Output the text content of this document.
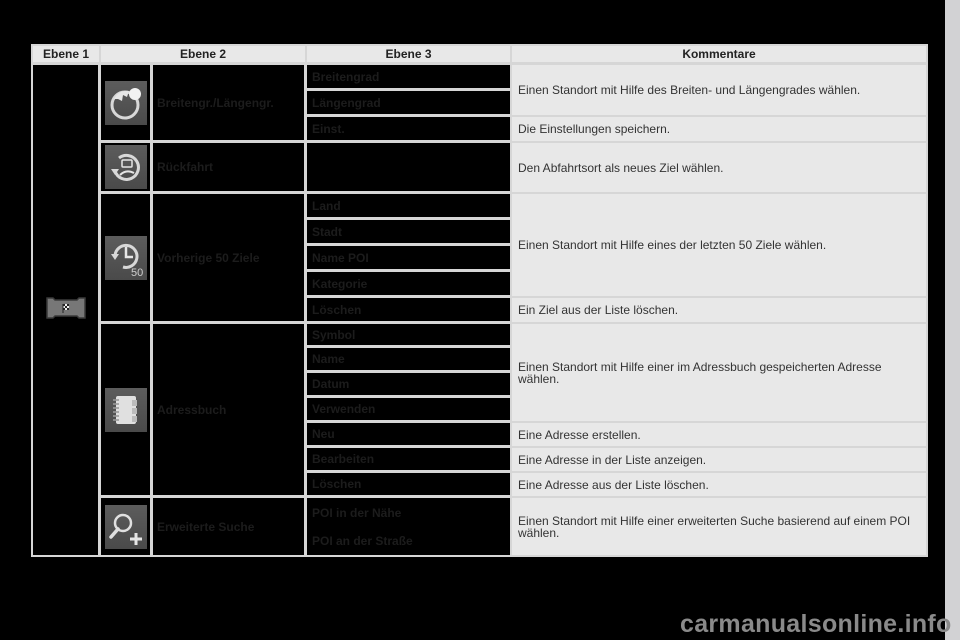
Ebene 1	Ebene 2		Ebene 3	Kommentare

	Breitengr./Längengr.	Breitengrad	Einen Standort mit Hilfe des Breiten- und Längengrades wählen.
			Längengrad	
			Einst.	Die Einstellungen speichern.

	Rückfahrt		Den Abfahrtsort als neues Ziel wählen.

50	Vorherige 50 Ziele	Land	Einen Standort mit Hilfe eines der letzten 50 Ziele wählen.
			Stadt	
			Name POI	
			Kategorie	
			Löschen	Ein Ziel aus der Liste löschen.

	Adressbuch	Symbol	Einen Standort mit Hilfe einer im Adressbuch gespeicherten Adresse wählen.
			Name	
			Datum	
			Verwenden	
			Neu	Eine Adresse erstellen.
			Bearbeiten	Eine Adresse in der Liste anzeigen.
			Löschen	Eine Adresse aus der Liste löschen.

	Erweiterte Suche	POI in der Nähe	Einen Standort mit Hilfe einer erweiterten Suche basierend auf einem POI wählen.
			POI an der Straße	
carmanualsonline.info
